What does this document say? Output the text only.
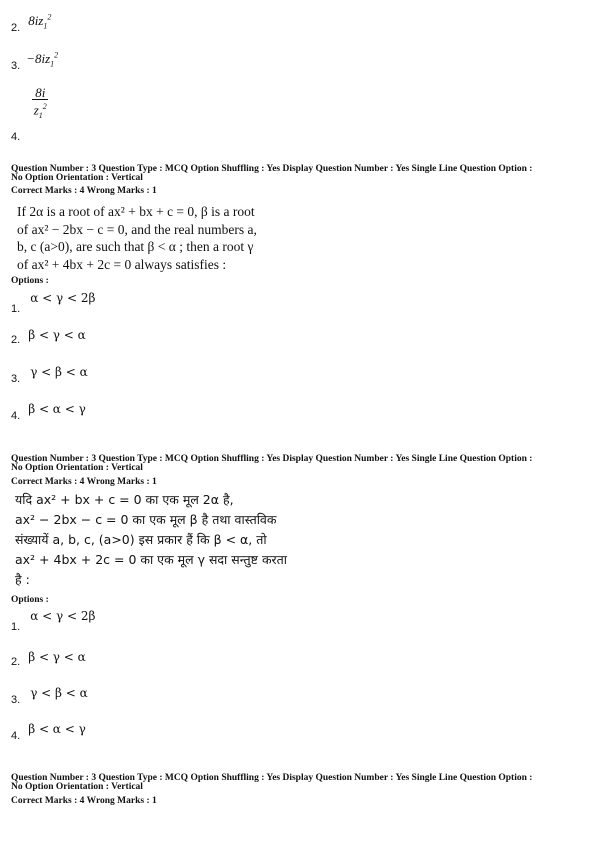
$_{2.}$ $8iz_1^2$
$_{3.} -8iz_1^2$
$_{4.}$
$\frac{8i}{z_1^2}$
Question Number : 3 Question Type : MCQ Option Shuffling : Yes Display Question Number : Yes Single Line Question Option :
No Option Orientation : Vertical
Correct Marks : 4 Wrong Marks : 1
If 2α is a root of ax² + bx + c = 0, β is a root
of ax² − 2bx − c = 0, and the real numbers a,
b, c (a>0), are such that β < α ; then a root γ
of ax² + 4bx + 2c = 0 always satisfies :
Options :
$_{1.}$ α < γ < 2β
$_{2.}$ β < γ < α
$_{3.}$ γ < β < α
$_{4.}$ β < α < γ
Question Number : 3 Question Type : MCQ Option Shuffling : Yes Display Question Number : Yes Single Line Question Option :
No Option Orientation : Vertical
Correct Marks : 4 Wrong Marks : 1
यदि ax² + bx + c = 0 का एक मूल 2α है,
ax² − 2bx − c = 0 का एक मूल β है तथा वास्तविक
संख्यायें a, b, c, (a>0) इस प्रकार हैं कि β < α, तो
ax² + 4bx + 2c = 0 का एक मूल γ सदा सन्तुष्ट करता
है :
Options :
$_{1.}$ α < γ < 2β
$_{2.}$ β < γ < α
$_{3.}$ γ < β < α
$_{4.}$ β < α < γ
Question Number : 3 Question Type : MCQ Option Shuffling : Yes Display Question Number : Yes Single Line Question Option :
No Option Orientation : Vertical
Correct Marks : 4 Wrong Marks : 1
